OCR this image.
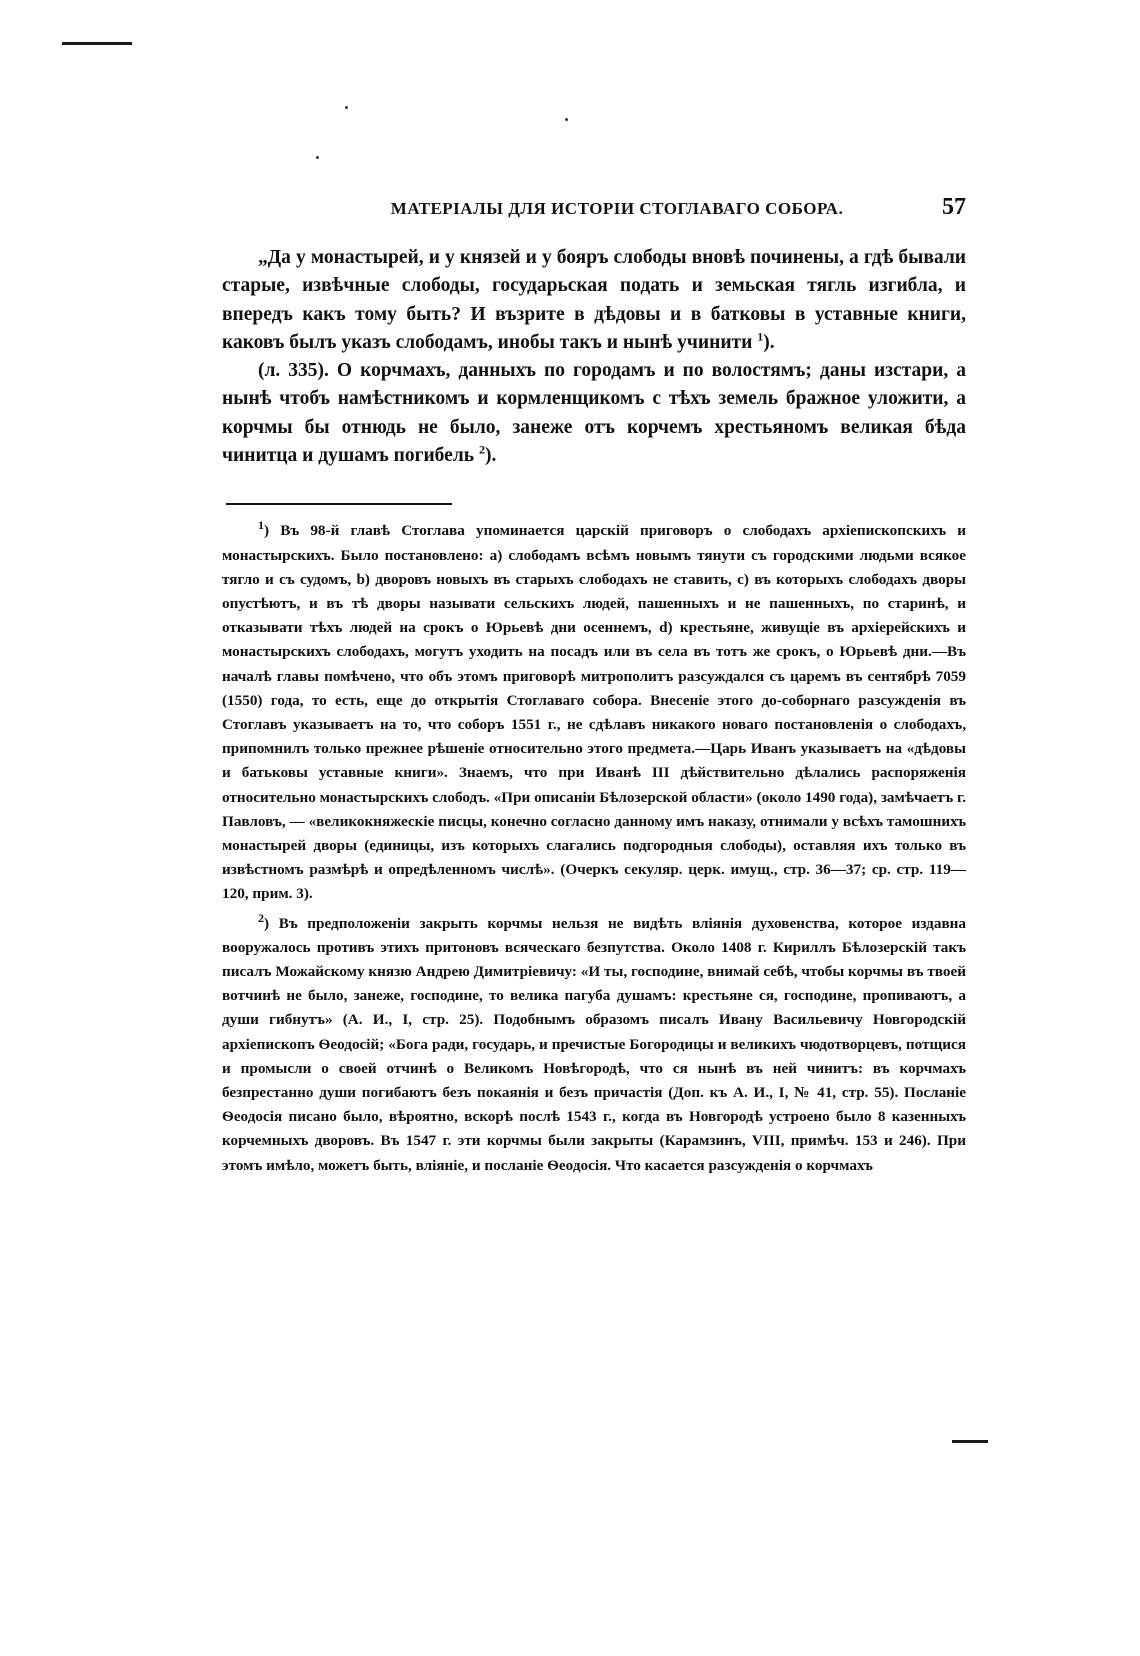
МАТЕРІАЛЫ ДЛЯ ИСТОРІИ СТОГЛАВАГО СОБОРА.	57

„Да у монастырей, и у князей и у бояръ слободы вновѣ починены, а гдѣ бывали старые, извѣчные слободы, государьская подать и земьская тягль изгибла, и впередъ какъ тому быть? И възрите в дѣдовы и в батковы в уставные книги, каковъ былъ указъ слободамъ, инобы такъ и нынѣ учинити $^1$).

(л. 335). О корчмахъ, данныхъ по городамъ и по волостямъ; даны изстари, а нынѣ чтобъ намѣстникомъ и кормленщикомъ с тѣхъ земель бражное уложити, а корчмы бы отнюдь не было, занеже отъ корчемъ хрестьяномъ великая бѣда чинитца и душамъ погибель $^2$).

$^1$) Въ 98-й главѣ Стоглава упоминается царскій приговоръ о слободахъ архіепископскихъ и монастырскихъ. Было постановлено: а) слободамъ всѣмъ новымъ тянути съ городскими людьми всякое тягло и съ судомъ, b) дворовъ новыхъ въ старыхъ слободахъ не ставить, с) въ которыхъ слободахъ дворы опустѣютъ, и въ тѣ дворы называти сельскихъ людей, пашенныхъ и не пашенныхъ, по старинѣ, и отказывати тѣхъ людей на срокъ о Юрьевѣ дни осеннемъ, d) крестьяне, живущіе въ архіерейскихъ и монастырскихъ слободахъ, могутъ уходить на посадъ или въ села въ тотъ же срокъ, о Юрьевѣ дни.—Въ началѣ главы помѣчено, что объ этомъ приговорѣ митрополитъ разсуждался съ царемъ въ сентябрѣ 7059 (1550) года, то есть, еще до открытія Стоглаваго собора. Внесеніе этого до-соборнаго разсужденія въ Стоглавъ указываетъ на то, что соборъ 1551 г., не сдѣлавъ никакого новаго постановленія о слободахъ, припомнилъ только прежнее рѣшеніе относительно этого предмета.—Царь Иванъ указываетъ на «дѣдовы и батьковы уставные книги». Знаемъ, что при Иванѣ III дѣйствительно дѣлались распоряженія относительно монастырскихъ слободъ. «При описаніи Бѣлозерской области» (около 1490 года), замѣчаетъ г. Павловъ, — «великокняжескіе писцы, конечно согласно данному имъ наказу, отнимали у всѣхъ тамошнихъ монастырей дворы (единицы, изъ которыхъ слагались подгородныя слободы), оставляя ихъ только въ извѣстномъ размѣрѣ и опредѣленномъ числѣ». (Очеркъ секуляр. церк. имущ., стр. 36—37; ср. стр. 119—120, прим. 3).

$^2$) Въ предположеніи закрыть корчмы нельзя не видѣть вліянія духовенства, которое издавна вооружалось противъ этихъ притоновъ всяческаго безпутства. Около 1408 г. Кириллъ Бѣлозерскій такъ писалъ Можайскому князю Андрею Димитріевичу: «И ты, господине, внимай себѣ, чтобы корчмы въ твоей вотчинѣ не было, занеже, господине, то велика пагуба душамъ: крестьяне ся, господине, пропиваютъ, а души гибнутъ» (А. И., I, стр. 25). Подобнымъ образомъ писалъ Ивану Васильевичу Новгородскій архіепископъ Ѳеодосій; «Бога ради, государь, и пречистые Богородицы и великихъ чюдотворцевъ, потщися и промысли о своей отчинѣ о Великомъ Новѣгородѣ, что ся нынѣ въ ней чинитъ: въ корчмахъ безпрестанно души погибаютъ безъ покаянія и безъ причастія (Доп. къ А. И., I, № 41, стр. 55). Посланіе Ѳеодосія писано было, вѣроятно, вскорѣ послѣ 1543 г., когда въ Новгородѣ устроено было 8 казенныхъ корчемныхъ дворовъ. Въ 1547 г. эти корчмы были закрыты (Карамзинъ, VIII, примѣч. 153 и 246). При этомъ имѣло, можетъ быть, вліяніе, и посланіе Ѳеодосія. Что касается разсужденія о корчмахъ
